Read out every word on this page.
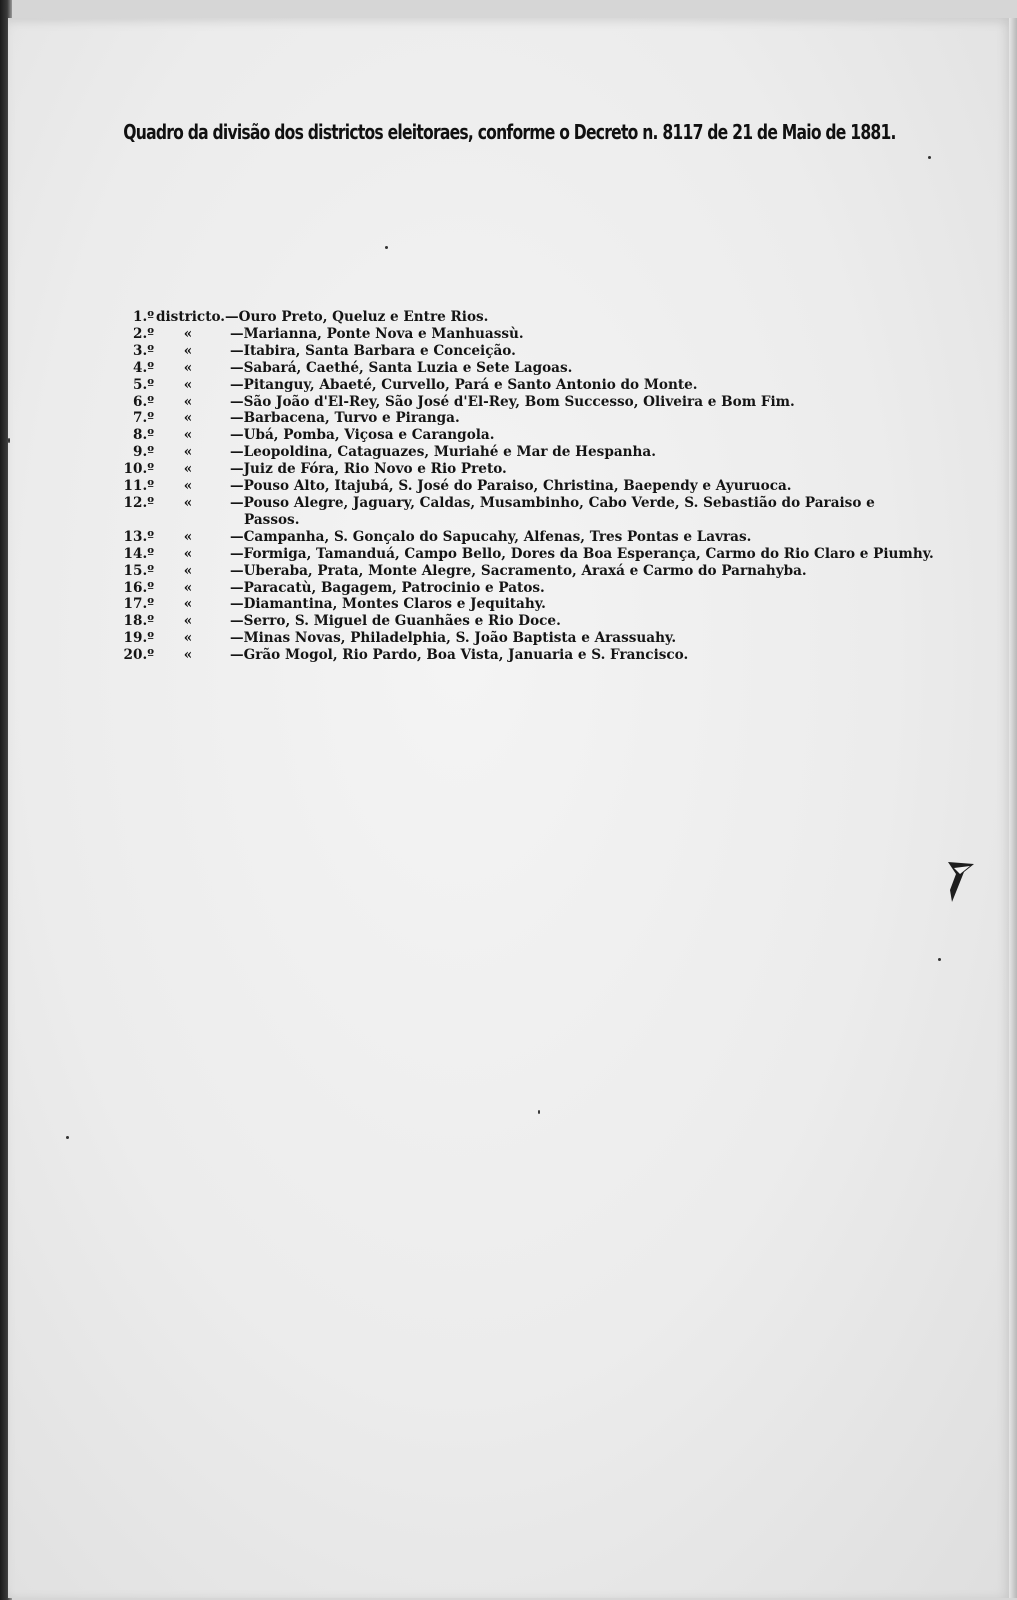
Quadro da divisão dos districtos eleitoraes, conforme o Decreto n. 8117 de 21 de Maio de 1881.
1.º districto. —Ouro Preto, Queluz e Entre Rios.
2.º	«	—Marianna, Ponte Nova e Manhuassù.
3.º	«	—Itabira, Santa Barbara e Conceição.
4.º	«	—Sabará, Caethé, Santa Luzia e Sete Lagoas.
5.º	«	—Pitanguy, Abaeté, Curvello, Pará e Santo Antonio do Monte.
6.º	«	—São João d'El-Rey, São José d'El-Rey, Bom Successo, Oliveira e Bom Fim.
7.º	«	—Barbacena, Turvo e Piranga.
8.º	«	—Ubá, Pomba, Viçosa e Carangola.
9.º	«	—Leopoldina, Cataguazes, Muriahé e Mar de Hespanha.
10.º	«	—Juiz de Fóra, Rio Novo e Rio Preto.
11.º	«	—Pouso Alto, Itajubá, S. José do Paraiso, Christina, Baependy e Ayuruoca.
12.º	«	—Pouso Alegre, Jaguary, Caldas, Musambinho, Cabo Verde, S. Sebastião do Paraiso e Passos.
13.º	«	—Campanha, S. Gonçalo do Sapucahy, Alfenas, Tres Pontas e Lavras.
14.º	«	—Formiga, Tamanduá, Campo Bello, Dores da Boa Esperança, Carmo do Rio Claro e Piumhy.
15.º	«	—Uberaba, Prata, Monte Alegre, Sacramento, Araxá e Carmo do Parnahyba.
16.º	«	—Paracatù, Bagagem, Patrocinio e Patos.
17.º	«	—Diamantina, Montes Claros e Jequitahy.
18.º	«	—Serro, S. Miguel de Guanhães e Rio Doce.
19.º	«	—Minas Novas, Philadelphia, S. João Baptista e Arassuahy.
20.º	«	—Grão Mogol, Rio Pardo, Boa Vista, Januaria e S. Francisco.
